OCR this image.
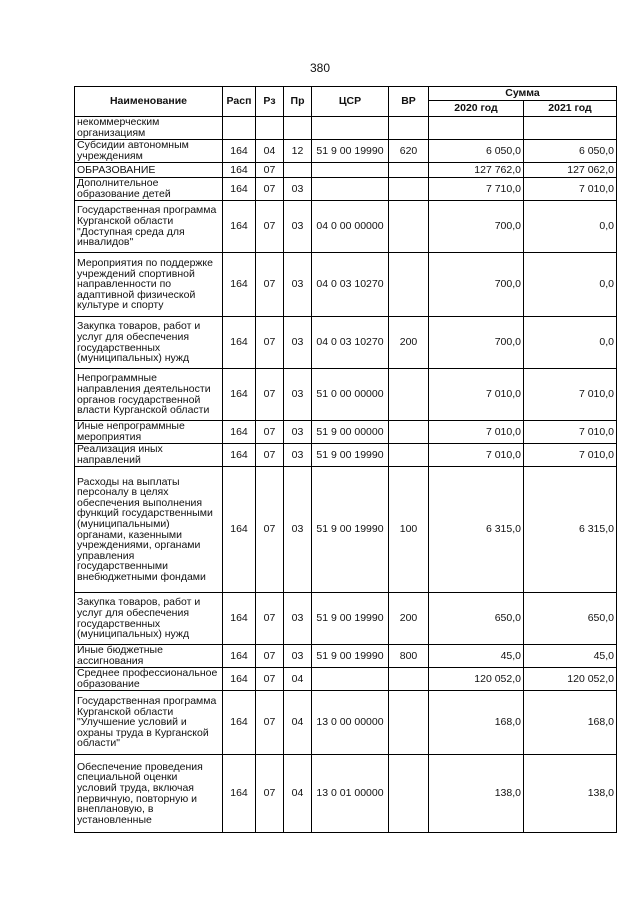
380
Наименование	Расп	Рз	Пр	ЦСР	ВР	Сумма	
						2020 год	2021 год
некоммерческим организациям							
Субсидии автономным учреждениям	164	04	12	51 9 00 19990	620	6 050,0	6 050,0
ОБРАЗОВАНИЕ	164	07				127 762,0	127 062,0
Дополнительное образование детей	164	07	03			7 710,0	7 010,0
Государственная программа Курганской области "Доступная среда для инвалидов"	164	07	03	04 0 00 00000		700,0	0,0
Мероприятия по поддержке учреждений спортивной направленности по адаптивной физической культуре и спорту	164	07	03	04 0 03 10270		700,0	0,0
Закупка товаров, работ и услуг для обеспечения государственных (муниципальных) нужд	164	07	03	04 0 03 10270	200	700,0	0,0
Непрограммные направления деятельности органов государственной власти Курганской области	164	07	03	51 0 00 00000		7 010,0	7 010,0
Иные непрограммные мероприятия	164	07	03	51 9 00 00000		7 010,0	7 010,0
Реализация иных направлений	164	07	03	51 9 00 19990		7 010,0	7 010,0
Расходы на выплаты персоналу в целях обеспечения выполнения функций государственными (муниципальными) органами, казенными учреждениями, органами управления государственными внебюджетными фондами	164	07	03	51 9 00 19990	100	6 315,0	6 315,0
Закупка товаров, работ и услуг для обеспечения государственных (муниципальных) нужд	164	07	03	51 9 00 19990	200	650,0	650,0
Иные бюджетные ассигнования	164	07	03	51 9 00 19990	800	45,0	45,0
Среднее профессиональное образование	164	07	04			120 052,0	120 052,0
Государственная программа Курганской области "Улучшение условий и охраны труда в Курганской области"	164	07	04	13 0 00 00000		168,0	168,0
Обеспечение проведения специальной оценки условий труда, включая первичную, повторную и внеплановую, в установленные	164	07	04	13 0 01 00000		138,0	138,0
